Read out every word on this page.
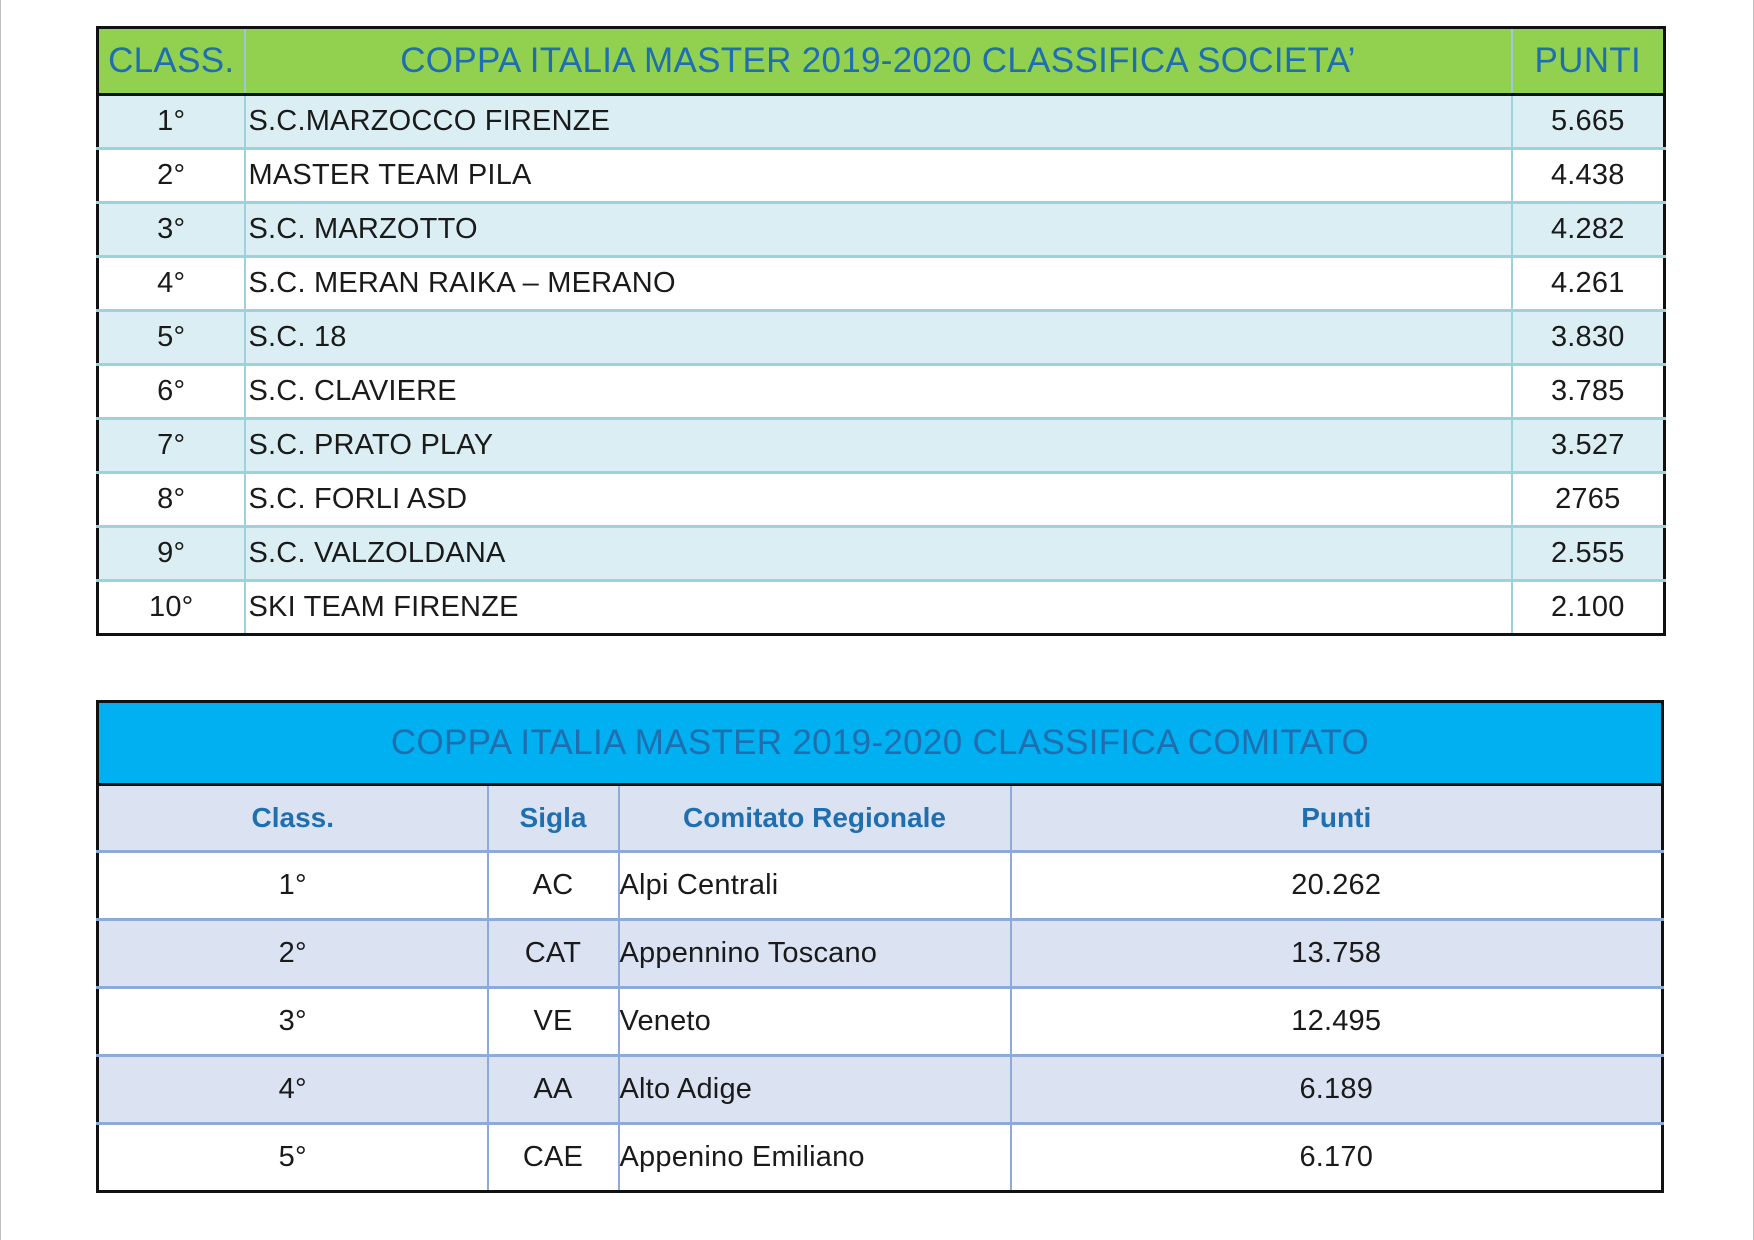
CLASS.	COPPA ITALIA MASTER 2019-2020 CLASSIFICA SOCIETA’	PUNTI
1°	S.C.MARZOCCO FIRENZE	5.665
2°	MASTER TEAM PILA	4.438
3°	S.C. MARZOTTO	4.282
4°	S.C. MERAN RAIKA – MERANO	4.261
5°	S.C. 18	3.830
6°	S.C. CLAVIERE	3.785
7°	S.C. PRATO PLAY	3.527
8°	S.C. FORLI ASD	2765
9°	S.C. VALZOLDANA	2.555
10°	SKI TEAM FIRENZE	2.100
COPPA ITALIA MASTER 2019-2020 CLASSIFICA COMITATO			
Class.	Sigla	Comitato Regionale	Punti
1°	AC	Alpi Centrali	20.262
2°	CAT	Appennino Toscano	13.758
3°	VE	Veneto	12.495
4°	AA	Alto Adige	6.189
5°	CAE	Appenino Emiliano	6.170
